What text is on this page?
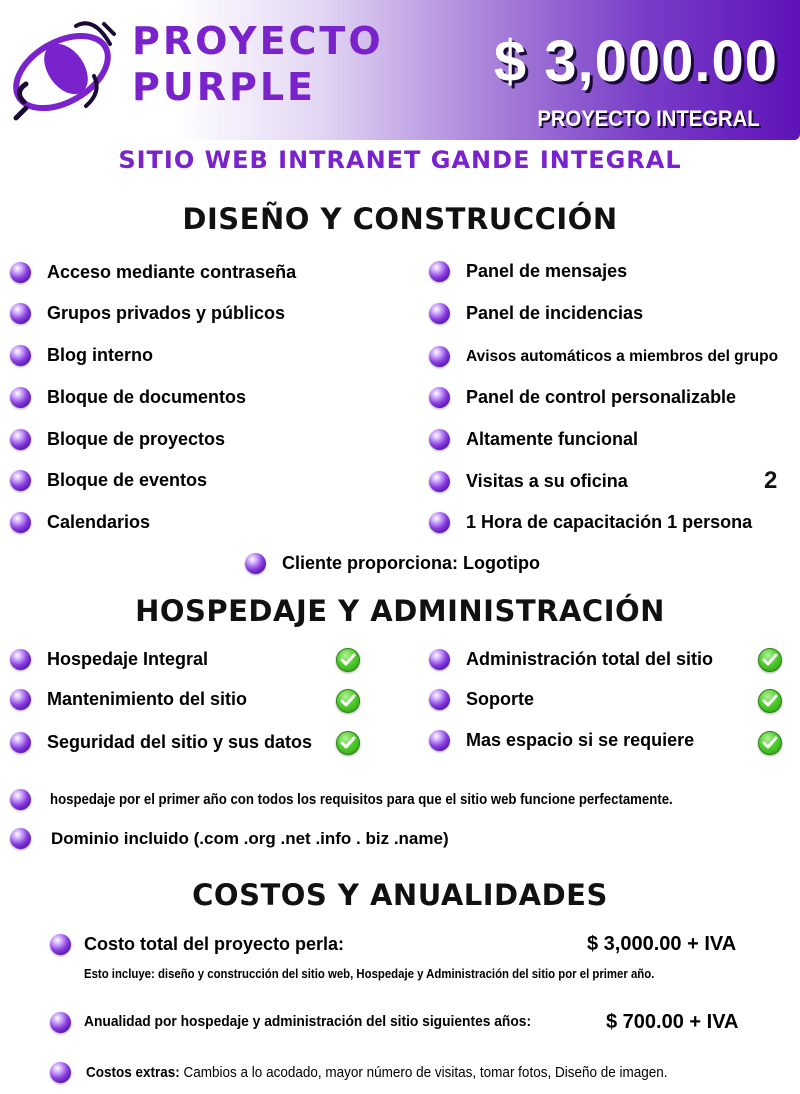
PROYECTO
PURPLE	$ 3,000.00
PROYECTO INTEGRAL
SITIO WEB INTRANET GANDE INTEGRAL
DISEÑO Y CONSTRUCCIÓN
Acceso mediante contraseña
Grupos privados y públicos
Blog interno
Bloque de documentos
Bloque de proyectos
Bloque de eventos
Calendarios
Panel de mensajes
Panel de incidencias
Avisos automáticos a miembros del grupo
Panel de control personalizable
Altamente funcional
Visitas a su oficina
1 Hora de capacitación 1 persona
2
Cliente proporciona: Logotipo
HOSPEDAJE Y ADMINISTRACIÓN
Hospedaje Integral
Mantenimiento del sitio
Seguridad del sitio y sus datos
Administración total del sitio
Soporte
Mas espacio si se requiere
hospedaje por el primer año con todos los requisitos para que el sitio web funcione perfectamente.
Dominio incluido (.com .org .net .info . biz .name)
COSTOS Y ANUALIDADES
Costo total del proyecto perla:	$ 3,000.00 + IVA
Esto incluye: diseño y construcción del sitio web, Hospedaje y Administración del sitio por el primer año.
Anualidad por hospedaje y administración del sitio siguientes años:	$ 700.00 + IVA
Costos extras: Cambios a lo acodado, mayor número de visitas, tomar fotos, Diseño de imagen.
